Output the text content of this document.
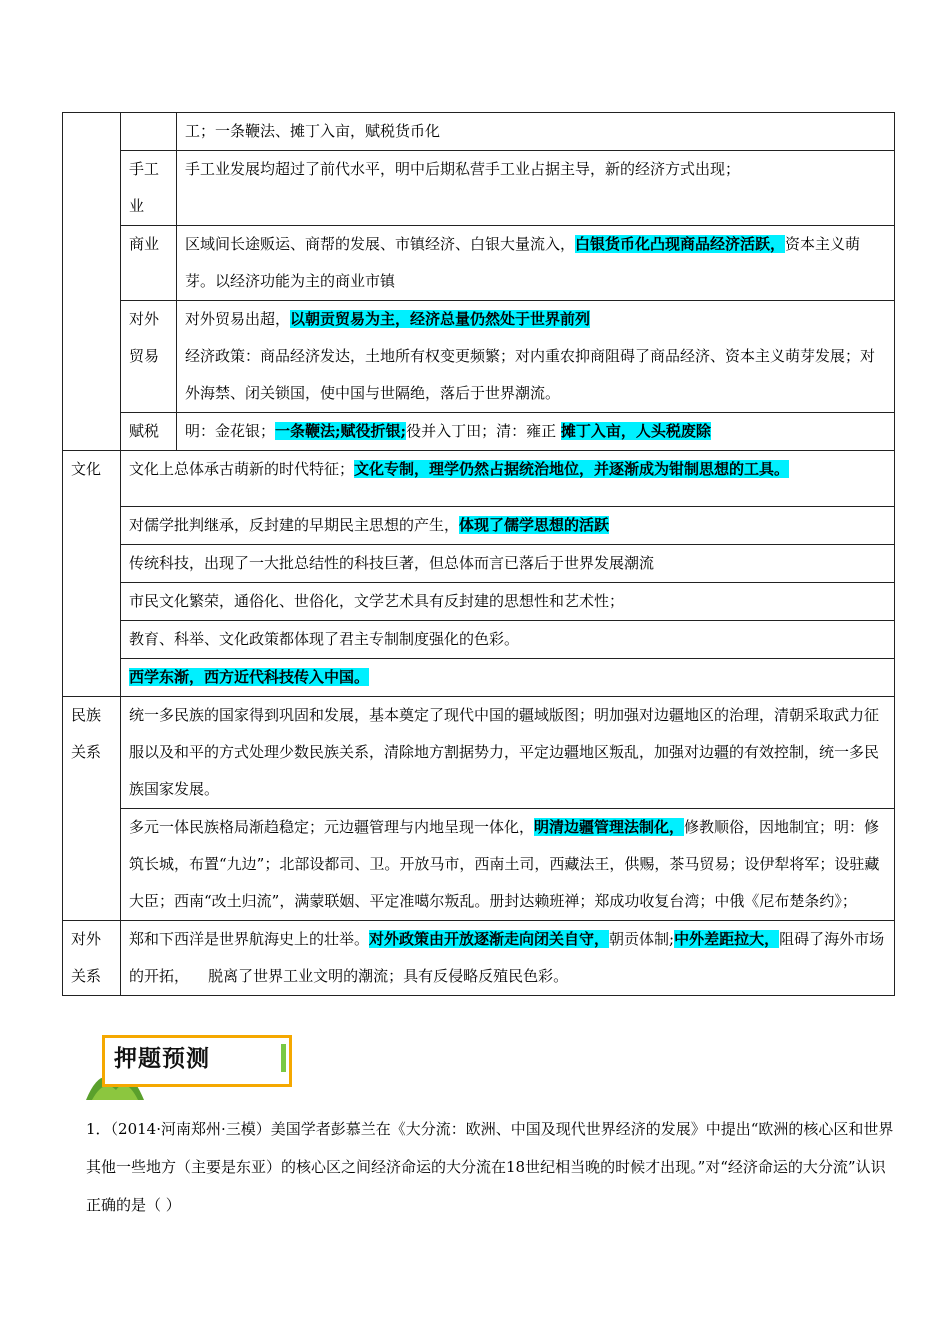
		工；一条鞭法、摊丁入亩，赋税货币化
	手工业	手工业发展均超过了前代水平，明中后期私营手工业占据主导，新的经济方式出现；
	商业	区域间长途贩运、商帮的发展、市镇经济、白银大量流入，白银货币化凸现商品经济活跃，资本主义萌芽。以经济功能为主的商业市镇
	对外贸易	对外贸易出超，以朝贡贸易为主，经济总量仍然处于世界前列
经济政策：商品经济发达，土地所有权变更频繁；对内重农抑商阻碍了商品经济、资本主义萌芽发展；对外海禁、闭关锁国，使中国与世隔绝，落后于世界潮流。
	赋税	明：金花银；一条鞭法;赋役折银;役并入丁田；清：雍正 摊丁入亩，人头税废除
文化	文化上总体承古萌新的时代特征；文化专制，理学仍然占据统治地位，并逐渐成为钳制思想的工具。	

	对儒学批判继承，反封建的早期民主思想的产生，体现了儒学思想的活跃	
	传统科技，出现了一大批总结性的科技巨著，但总体而言已落后于世界发展潮流	
	市民文化繁荣，通俗化、世俗化，文学艺术具有反封建的思想性和艺术性；	
	教育、科举、文化政策都体现了君主专制制度强化的色彩。	
	西学东渐，西方近代科技传入中国。	
民族关系	统一多民族的国家得到巩固和发展，基本奠定了现代中国的疆域版图；明加强对边疆地区的治理，清朝采取武力征服以及和平的方式处理少数民族关系，清除地方割据势力，平定边疆地区叛乱，加强对边疆的有效控制，统一多民族国家发展。	
	多元一体民族格局渐趋稳定；元边疆管理与内地呈现一体化，明清边疆管理法制化，修教顺俗，因地制宜；明：修筑长城，布置“九边”；北部设都司、卫。开放马市，西南土司，西藏法王，供赐，茶马贸易；设伊犁将军；设驻藏大臣；西南“改土归流”，满蒙联姻、平定准噶尔叛乱。册封达赖班禅；郑成功收复台湾；中俄《尼布楚条约》；	
对外关系	郑和下西洋是世界航海史上的壮举。对外政策由开放逐渐走向闭关自守，朝贡体制;中外差距拉大，阻碍了海外市场的开拓，    脱离了世界工业文明的潮流；具有反侵略反殖民色彩。	
押题预测
1．（2014·河南郑州·三模）美国学者彭慕兰在《大分流：欧洲、中国及现代世界经济的发展》中提出“欧洲的核心区和世界其他一些地方（主要是东亚）的核心区之间经济命运的大分流在18世纪相当晚的时候才出现。”对“经济命运的大分流”认识正确的是（ ）
